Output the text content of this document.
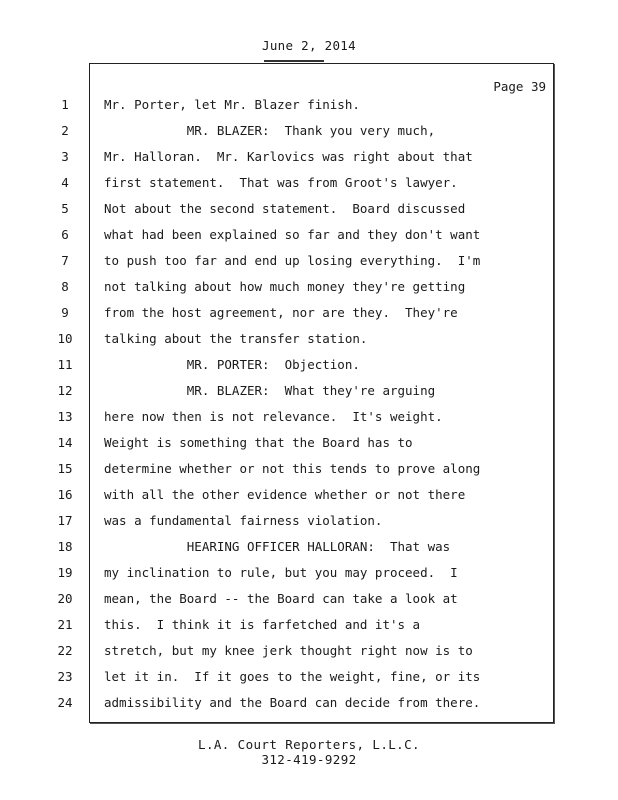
June 2, 2014
Page 39
1	Mr. Porter, let Mr. Blazer finish.
2	MR. BLAZER:  Thank you very much,
3	Mr. Halloran.  Mr. Karlovics was right about that
4	first statement.  That was from Groot's lawyer.
5	Not about the second statement.  Board discussed
6	what had been explained so far and they don't want
7	to push too far and end up losing everything.  I'm
8	not talking about how much money they're getting
9	from the host agreement, nor are they.  They're
10	talking about the transfer station.
11	MR. PORTER:  Objection.
12	MR. BLAZER:  What they're arguing
13	here now then is not relevance.  It's weight.
14	Weight is something that the Board has to
15	determine whether or not this tends to prove along
16	with all the other evidence whether or not there
17	was a fundamental fairness violation.
18	HEARING OFFICER HALLORAN:  That was
19	my inclination to rule, but you may proceed.  I
20	mean, the Board -- the Board can take a look at
21	this.  I think it is farfetched and it's a
22	stretch, but my knee jerk thought right now is to
23	let it in.  If it goes to the weight, fine, or its
24	admissibility and the Board can decide from there.
L.A. Court Reporters, L.L.C.
312-419-9292
